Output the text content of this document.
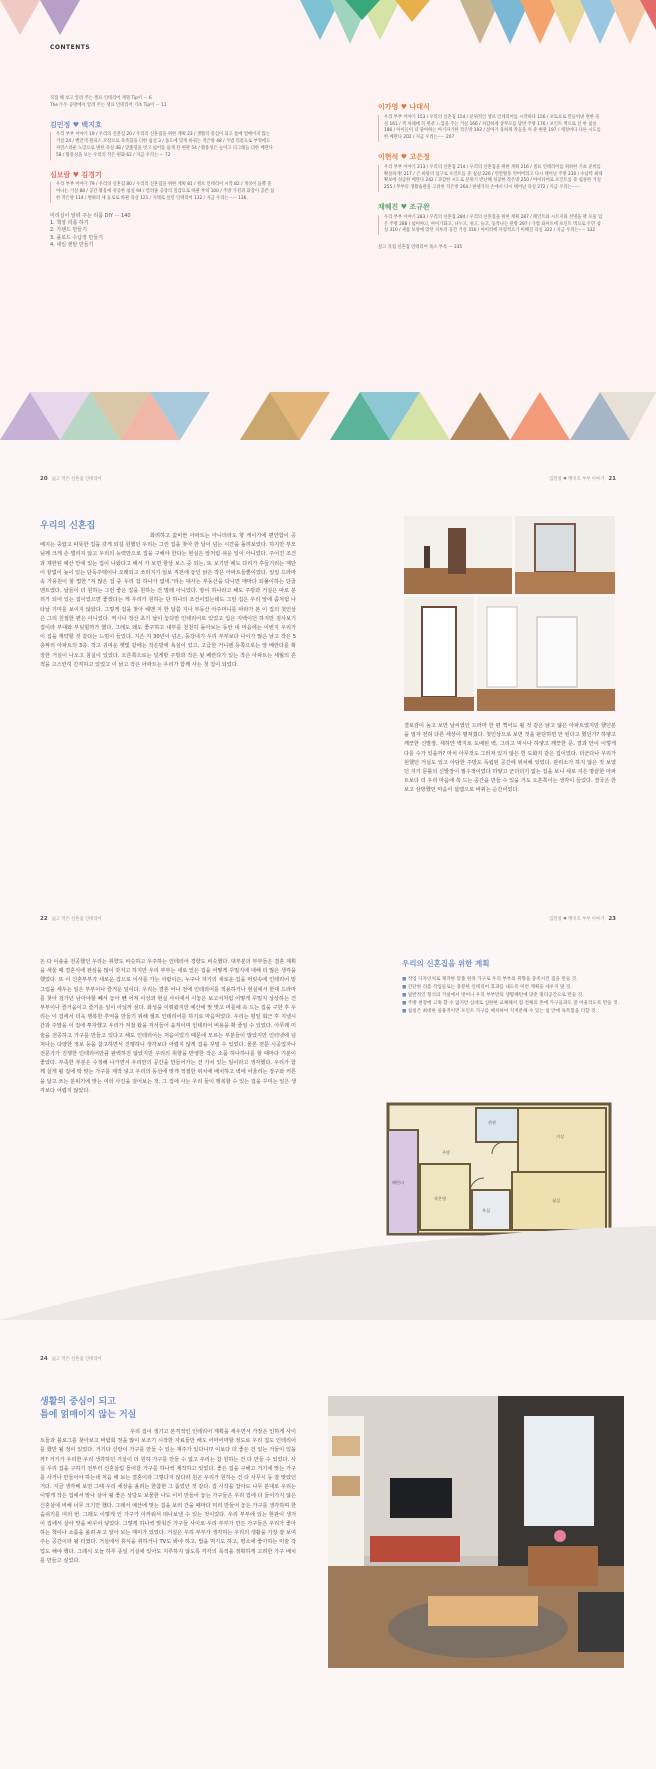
CONTENTS
직접 해 보고 알려 주는 셀프 인테리어 계열 Tip이 ··· 6
The 두두 공방에서 알려 주는 셀프 인테리어 기초 Tip이 ··· 11
김민정 ♥ 백지호
우리 부부 이야기 19 / 우리의 신혼집 20 / 우리의 신혼집을 위한 계획 23 / 생활의 중심이 되고 틈에 얼메이지 않는 거실 24 / 빨간색 원피스 모장으로 욕족함을 더한 침실 3 / 품도에 맞게 바꿔는 작은방 48 / 가볍 리폼으로 부엌에도 자연스러운 노랑으로 변한 욕실 48 / 맞춤형을 벗고 넓어를 품게 된 현관 54 / 활용성은 늘이고 더그레들 더한 베란다 58 / 활용성을 보는 우리의 작은 변화 62 / 지금 우리는···· 72
심보람 ♥ 김경기
우리 부부 이야기 79 / 우리의 신혼집 80 / 우리의 신혼집을 위한 계획 81 / 셀프 인테리어 시작 82 / 개성이 듬뿍 묻어나는 거실 88 / 공간 활용에 성공한 침실 94 / 알려줄 공장의 질감으로 바뀐 부엌 100 / 주방 가전과 화장이 공존 침한 작은방 114 / 변하려 새 등로로 바뀐 욕실 121 / 지레로 살린 인테리어 132 / 지금 우리는······ 136
미리실이 알려 주는 리폼 DIY ··· 140
1. 책상 리폼 하기
2. 가랜드 만들기
3. 플로드 수납장 만들기
4. 네일 센탄 만들기
이가영 ♥ 나대식
우리 부부 이야기 153 / 우리의 신혼집 154 / 분위적인 셀프 인테리어를 시작하다 156 / 포토프로 만들어낸 변한 욕실 161 / 색 차례에 꼭 한분 느낌을 주는 거실 166 / 자감하게 상무모를 답면 주방 176 / 포인트 벽으로 신 한 침실 186 / 아이들이 더 좋아하는 아기자기한 작은방 192 / 살아가 용하게 작들을 꺼 준 현관 197 / 계절마다 다른 시도를 한 베란다 202 / 지금 우리는····· 207
이현석 ♥ 고은정
우리 부부 이야기 213 / 우리의 신혼집 214 / 우리의 신혼집을 위한 계획 216 / 셀프 인테리어를 위하한 기초 준비를 확실하게! 217 / 큰 바탕의 임구로 포인트를 준 침실 220 / 빈칸활용 엇어버리고 다시 태어난 주방 230 / 수납력 최대 확보에 성공한 베란다 242 / 과감한 시도로 분위기 반난해 성공한 작은방 250 / 아이디어로 포인트를 준 침플한 거실 255 / 무부의 생활습관을 고려한 작은방 264 / 판넬가의 손에서 다시 태어난 욕실 272 / 지금 우리는······
채혜진 ♥ 조규완
우리 부부 이야기 283 / 우리의 신혼집 284 / 우리의 신혼집을 위한 계획 287 / 페인트와 시트지와 선명을 꽉 포물 입은 주방 288 / 넓미야고, 아이가화고, 나누고, 쉬고, 놀고, 동작나는 관방 297 / 가볍 화이트에 포인트 벽으로 두민 침실 310 / 새롭 모양에 맞던 지투의 공간 거실 316 / 아이러에 사형적으가 미혜진 욕실 322 / 지금 우리는····· 332
살고 직접 신혼집 인테리어 목소 부록 ··· 335
20 넓고 작은 신혼집 인테리어	김민정 ♥ 백지호 부부 이야기 21
우리의 신혼집
화려하고 값비싼 아파트는 아니더라도 향 케이가에 편안함이 공배지는 중압고 따뜻한 집을 갖게 되길 원했던 우리는 그린 집을 찾아 한 달이 넘는 시간을 돌려보았다. 하지만 부모님께 크게 손 벌리지 않고 우리의 능력만으로 집을 구해야 한다는 현실은 앞처럼 쉬운 일이 아니었다. 주어진 조건과 제한된 예산 안에 있는 집이 나왔다고 해서 가 보면 항상 보스 중 되는, 또 보기만 해도 다리가 후들거리는 계단이 끝없이 높이 있는 단독주택이나 오래되고 쓰러지기 일보 직전에 놓인 낡은 작은 아파트들뿐이었다. 일일 드라마 속 가풍원이 할 법한 "저 많은 집 중 우리 집 하나가 없네."라는 대사는 부동산을 다니면 매마다 되풀이하는 단골 멘트였다. 날들이 더 원하는 그런 좋은 집을 원하는 건 멀래 아니었다. 땅이 하나라고 해도 주방과 거실은 따로 분리가 되어 있는 집이었으면 좋겠다는 게 우리가 원하는 단 하나의 조건이었는데도 그런 집은 우리 앞에 좀처럼 나타날 기미를 보이지 않았다. 그렇게 집을 찾아 헤맨 지 한 달쯤 지나 부동산 아주머니를 따라가 본 이 집의 첫인상은 그리 친절한 편은 아니었다. 역시나 정산 초기 날이 놓다만 인테리어로 있었고 입은 지백이던 하지만 검사보기 집이라 부대와 부딪힐까가 했다. 그래도 왜도 좋구하고 내부를 천천히 돌아보는 동안 내 마음에는 이번지 우리가 이 집을 계약할 것 같다는 느낌이 들었다. 지은 지 30년이 넘은, 동강내기 우리 부부보다 나이가 많은 낡고 작은 5층짜리 아파트의 3층. 작고 귀여운 햇빛 같에는 작은방에 욕실이 있고, 고급한 거니렌 등쪽으로는 앞 베란다를 확장한 거실이 나오고 침실이 있었다. 오른쪽으로는 널게방 주방과 작은 뒷 베란다가 있는 작은 아파트는 세월의 흔적을 고스란히 간직하고 있었고 이 낡고 작은 아파트는 우리가 함께 사는 첫 집이 되었다.
결로감이 높고 보면 날씨였던 드라마 한 편 찍어도 될 것 같은 낡고 닳은 아파트였지만 했던분을 열자 전혀 다른 세상이 펼쳐졌다. 첫인상으로 보면 것을 판단하면 안 된다고 했던가? 하얗고 깨끗한 신발장, 새하얀 벽지로 도배된 벽, 그리고 먹시나 하얗고 깨끗한 문, 결과 안이 이렇게 다를 수가 있을까? 마치 아무것도 그러져 있지 않은 흰 도화지 같은 집이었다. 더군다나 우리가 원했던 거실도 있고 아담한 주방도 독립된 공간에 위치해 있었다. 관리소가 하지 않은 것 보였던 지기 문틀의 신발장이 필수적이었다 하얗고 군더더기 없는 집을 보니 새로 지은 땅끝한 아파트보다 더 우리 마음에 쏙 드는 공간을 만들 수 있을 거도 오흔쪽이는 생각이 들었다. 결국은 한 보고 삼방했던 마음이 설렘으로 바뀌는 순간이었다.
22 넓고 작은 신혼집 인테리어	김민정 ♥ 백지호 부부 이야기 23
돈 다 이솔을 전공했던 우리는 취향도 비슷하고 우주하는 인테리어 경향도 비슷했다. 대부분의 부부들은 결혼 계획을 세울 때 결혼식에 관심을 많이 갖지고 하지만 우리 부부는 새로 얻은 집을 어떻게 꾸밀지에 대해 더 많은 생각을 했었다. 또 이 신혼부부가 새로운 집으로 이사를 가는 사람이든, 누구나 자기의 새로운 집을 머릿속에 인테리어 밑그림을 세우는 일은 부부이나 즐거운 일이다. 우리는 결혼 어나 전에 인테리어를 적용하거나 현실에서 한대 드라마를 찾아 검가년 남아야할 빼서 놓아 뺀 어져 이상과 현실 사이에서 시놓은 보고서처럼 어떻게 꾸밀지 상상하는 건 부부이나 즐거움이고 즐거운 일이 아닐까 싶다. 화성을 이뤄왔지만 예산에 맞 맞고 머를에 속 드는 집을 구한 후 우리는 이 집에서 더욱 행복한 추억을 만들기 위해 셀프 인테리어를 하기로 마음먹었다. 우리는 평일 회근 후 지낼시간과 주말을 이 집에 투자했고 우리가 직접 왔을 걱서들어 움직이며 인테리어 비용을 확 줄일 수 있었다. 아무래 미술을 전공하고 가구를 만들고 있다고 해도 인테리어는 처음이었기 때문에 모르는 부분들이 많았지만 인터넷에 넘쳐나는 다양한 정보 등을 참고하면서 진행하니 생각보다 어렵지 않게 집을 꾸밀 수 있었다. 물론 전문 시공업자나 전문가가 진행한 인테리어만큼 완벽하진 않았지만 우리의 취향을 반영한 작은 소품 하나하나를 할 때마다 기분이 좋았다. 부족한 부분은 수정해 나가면서 우리만의 공간을 만들어가는 건 가치 있는 일이라고 생각했다. 우리가 함께 살게 될 집에 딱 맞는 가구를 제작 넣고 우리의 동선에 맞게 적절한 위치에 배치하고 벽에 어울리는 장구와 커튼을 달고 쓰는 분위기에 맞는 여러 사진을 걸어보는 것. 그 집에 사는 우리 둘이 행복할 수 있는 집을 꾸미는 일은 생각보다 어렵지 않았다.
우리의 신혼집을 위한 계획
■ 작업 디자인처로 제작한 맞춤 원목 가구로 우리 부부의 취향을 충족시킨 집을 만들 것.
■ 간단한 리폼 작업들로는 충분한 인테리어 효과를 내도록 미련 계획을 세우지 말 것.
■ 일반적인 형식의 거실에서 벗어나 우리 부부만의 생활패턴에 맞춘 멀티공간으로 만들 것.
■ 주방 천장에 고혹 할 수 없지만 심대로 심한한 교체해서 집 전체의 톤에 가구들과도 잘 어울리도록 만들 것.
■ 침실은 최대한 실용적이면 포인트 가구를 배치하여 지저분해 수 있는 침 안에 독특함을 더할 것.
현관
거실
주방
베란다
작은방
욕실
침실
24 넓고 작은 신혼집 인테리어
생활의 중심이 되고
틈에 얽매이지 않는 거실
우리 집이 생기고 본격적인 인테리어 계획을 세우면서 가장은 인하게 사이트들과 블로그를 찾아보고 바람회 정을 많이 보조기 시작한 자료들만 해도 어마어마할 정도로 우리 집도 인테리어를 했만 될 정이 있었다. 거기다 신랑이 가구를 만들 수 있는 재주가 있다니!? 이보다 더 좋은 건 있는 거들이 있을까? 거기가 우리한 우리 생각하던 거실이 더 원하 가구를 만들 수 없고 우리는 참 원하는 건 다 만들 수 있었다. 사실 우리 집을 구하기 전부터 신혼살림 들어갈 가구를 하나씩 제작하고 있었다. 좋은 집을 구해고 거기에 맞는 가구를 사거나 만들어야 하는데 처음 해 보는 결혼이라 그렇다지 않다라 원곤 우리가 원하는 건 다 사무시 등 잘 맞았던 거다. 지금 생각해 보면 그때 우리 세상을 올려는 한참한 그 품었던 것 같다. 집 시작을 잡아도 나무 분대로 우리는 이렇게 작은 집에서 말나 살아 될 좋은 상당도 보물한 나도 이미 만들어 놓는 가구들은 우리 집에 다 들어가지 않은 신혼살에 비해 너무 크기만 했다. 그래서 예산에 맞는 집을 보러 간을 때마다 미리 만들어 놓은 가구를 생각하며 한숨쉬기를 여러 번. 그래도 이렇게 인 가구가 아까워서 떠나보낼 수 있는 것이었다. 우리 부부에 있는 현관이 생겨 이 집에서 살아 맛을 바꾸어 넣었다. 그렇게 하나씩 맞춰간 가구들 사이로 우리 부부가 만든 가구들은 우리가 좋아하는 책이나 소품을 올려 두고 알아 보는 재미가 있었다. 거실은 우리 부부가 생각하는 우리의 생활을 가장 잘 보여주는 공간이라 될 터였다. 거실에서 휴식을 취하거나 TV도 봐야 하고, 밥을 먹기도 하고, 평소에 좋아하는 미술 작업도 해야 했다. 그래서 오늘 하루 종일 거실에 있어도 지루하지 않도록 각각의 목적을 정확하게 고려한 가구 배치를 만들고 싶었다.
